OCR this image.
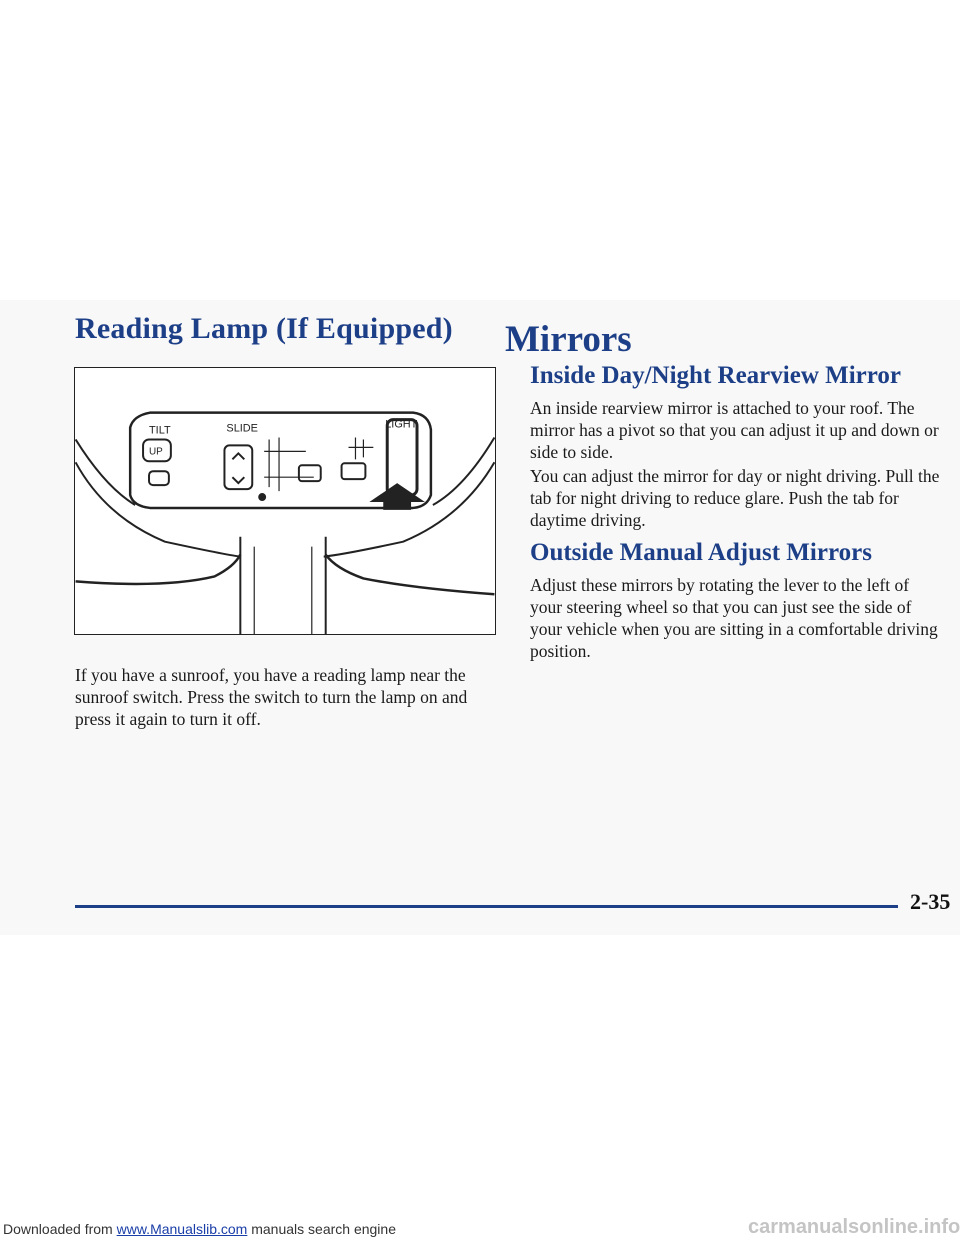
Reading Lamp (If Equipped)
TILT	SLIDE	LIGHT
UP

If you have a sunroof, you have a reading lamp near the sunroof switch. Press the switch to turn the lamp on and press it again to turn it off.

Mirrors
Inside Day/Night Rearview Mirror

An inside rearview mirror is attached to your roof. The mirror has a pivot so that you can adjust it up and down or side to side.

You can adjust the mirror for day or night driving. Pull the tab for night driving to reduce glare. Push the tab for daytime driving.

Outside Manual Adjust Mirrors

Adjust these mirrors by rotating the lever to the left of your steering wheel so that you can just see the side of your vehicle when you are sitting in a comfortable driving position.

2-35
Downloaded from www.Manualslib.com manuals search engine	carmanualsonline.info
